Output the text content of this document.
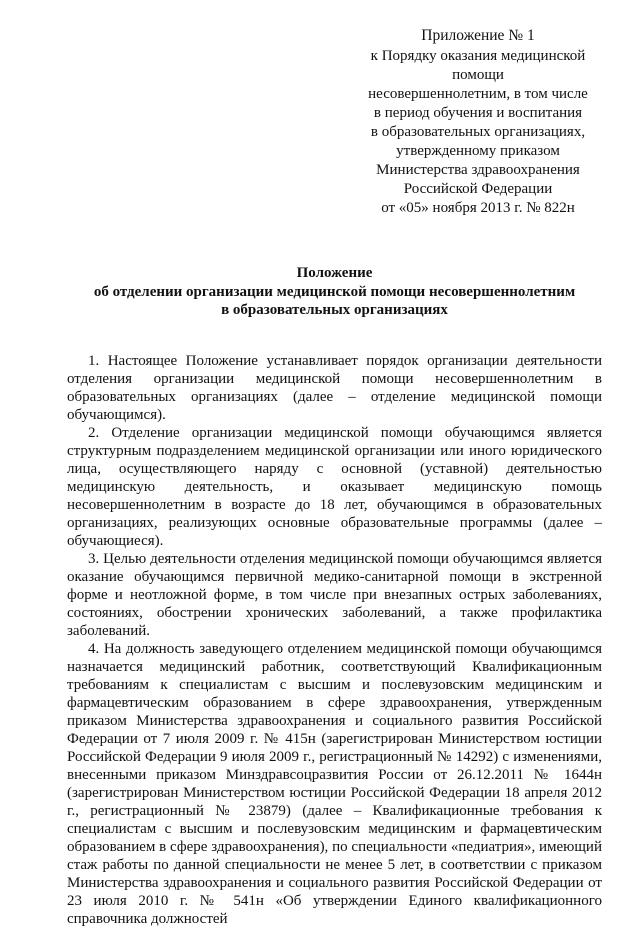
Приложение № 1
к Порядку оказания медицинской помощи
несовершеннолетним, в том числе
в период обучения и воспитания
в образовательных организациях,
утвержденному приказом
Министерства здравоохранения
Российской Федерации
от «05» ноября 2013 г. № 822н
Положение
об отделении организации медицинской помощи несовершеннолетним
в образовательных организациях

1. Настоящее Положение устанавливает порядок организации деятельности отделения организации медицинской помощи несовершеннолетним в образовательных организациях (далее – отделение медицинской помощи обучающимся).

2. Отделение организации медицинской помощи обучающимся является структурным подразделением медицинской организации или иного юридического лица, осуществляющего наряду с основной (уставной) деятельностью медицинскую деятельность, и оказывает медицинскую помощь несовершеннолетним в возрасте до 18 лет, обучающимся в образовательных организациях, реализующих основные образовательные программы (далее – обучающиеся).

3. Целью деятельности отделения медицинской помощи обучающимся является оказание обучающимся первичной медико-санитарной помощи в экстренной форме и неотложной форме, в том числе при внезапных острых заболеваниях, состояниях, обострении хронических заболеваний, а также профилактика заболеваний.

4. На должность заведующего отделением медицинской помощи обучающимся назначается медицинский работник, соответствующий Квалификационным требованиям к специалистам с высшим и послевузовским медицинским и фармацевтическим образованием в сфере здравоохранения, утвержденным приказом Министерства здравоохранения и социального развития Российской Федерации от 7 июля 2009 г. № 415н (зарегистрирован Министерством юстиции Российской Федерации 9 июля 2009 г., регистрационный № 14292) с изменениями, внесенными приказом Минздравсоцразвития России от 26.12.2011 № 1644н (зарегистрирован Министерством юстиции Российской Федерации 18 апреля 2012 г., регистрационный № 23879) (далее – Квалификационные требования к специалистам с высшим и послевузовским медицинским и фармацевтическим образованием в сфере здравоохранения), по специальности «педиатрия», имеющий стаж работы по данной специальности не менее 5 лет, в соответствии с приказом Министерства здравоохранения и социального развития Российской Федерации от 23 июля 2010 г. № 541н «Об утверждении Единого квалификационного справочника должностей
